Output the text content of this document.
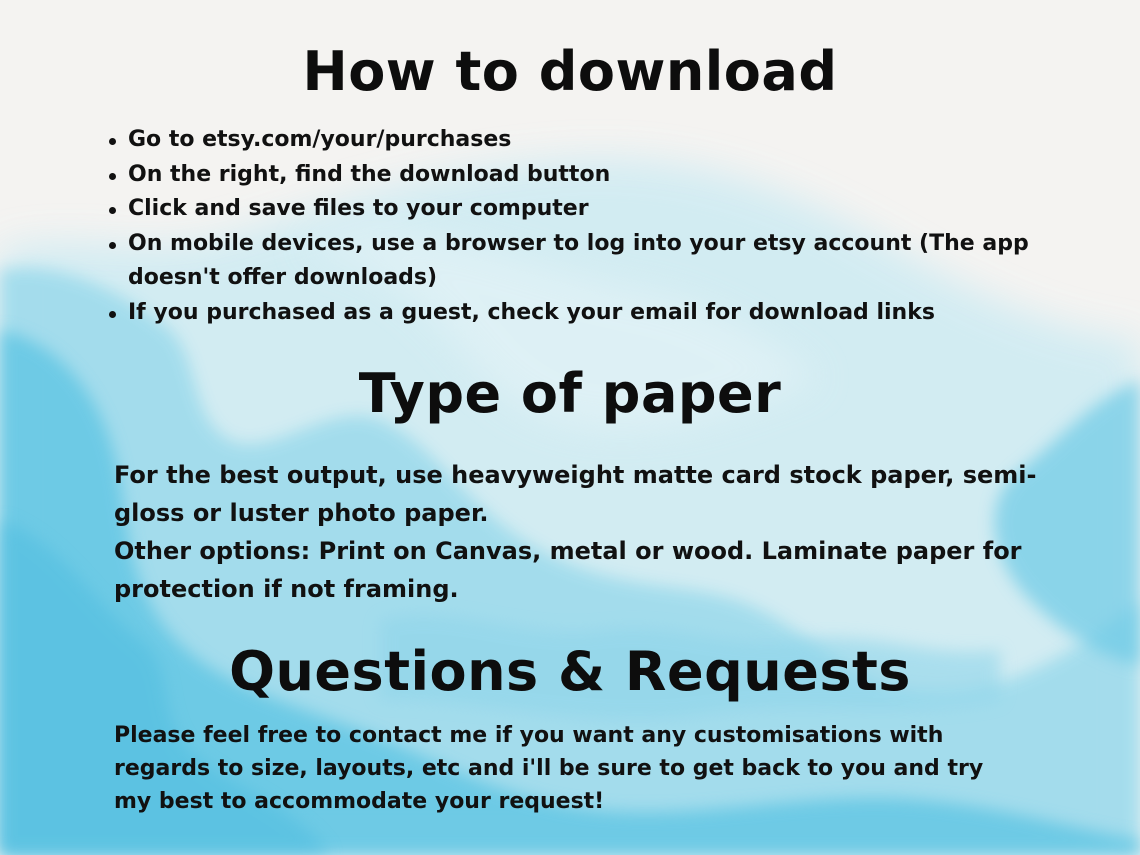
How to download
Go to etsy.com/your/purchases
On the right, find the download button
Click and save files to your computer
On mobile devices, use a browser to log into your etsy account (The app doesn't offer downloads)
If you purchased as a guest, check your email for download links
Type of paper

For the best output, use heavyweight matte card stock paper, semi-gloss or luster photo paper.
Other options: Print on Canvas, metal or wood. Laminate paper for protection if not framing.

Questions & Requests

Please feel free to contact me if you want any customisations with regards to size, layouts, etc and i'll be sure to get back to you and try my best to accommodate your request!
